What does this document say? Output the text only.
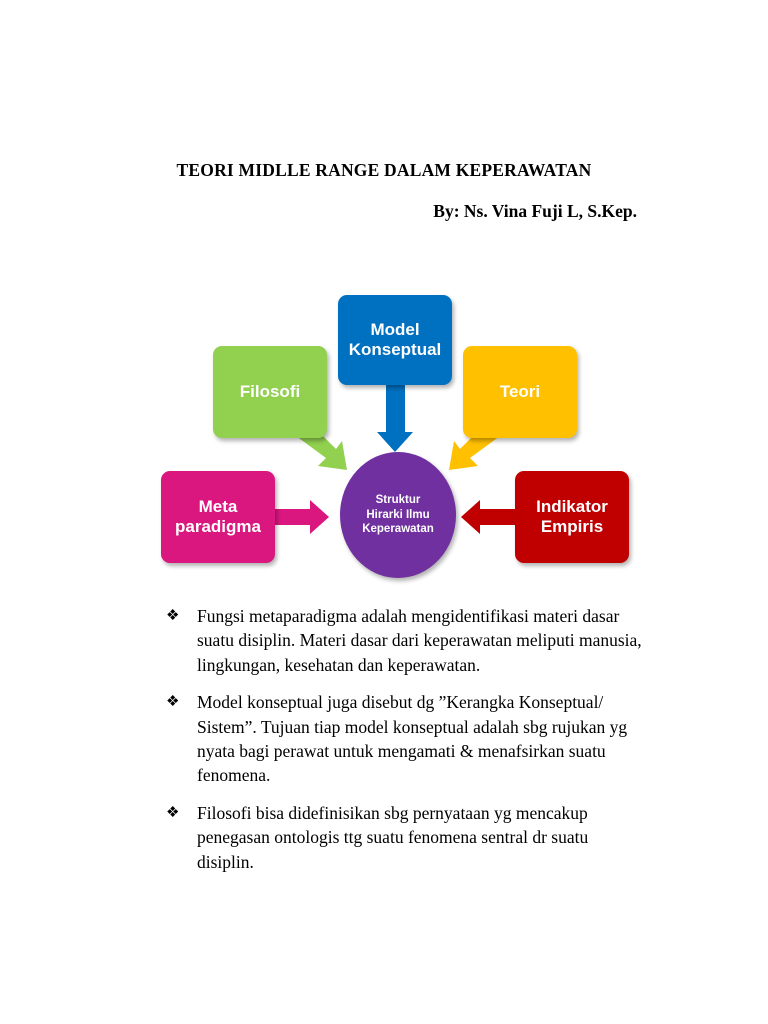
TEORI MIDLLE RANGE DALAM KEPERAWATAN
By: Ns. Vina Fuji L, S.Kep.
Model
Konseptual
Filosofi	Teori
Meta
paradigma
Indikator
Empiris
Struktur
Hirarki Ilmu
Keperawatan
❖	Fungsi metaparadigma adalah mengidentifikasi materi dasar suatu disiplin. Materi dasar dari keperawatan meliputi manusia, lingkungan, kesehatan dan keperawatan.
❖	Model konseptual juga disebut dg ”Kerangka Konseptual/ Sistem”. Tujuan tiap model konseptual adalah sbg rujukan yg nyata bagi perawat untuk mengamati & menafsirkan suatu fenomena.
❖	Filosofi bisa didefinisikan sbg pernyataan yg mencakup penegasan ontologis ttg suatu fenomena sentral dr suatu disiplin.
